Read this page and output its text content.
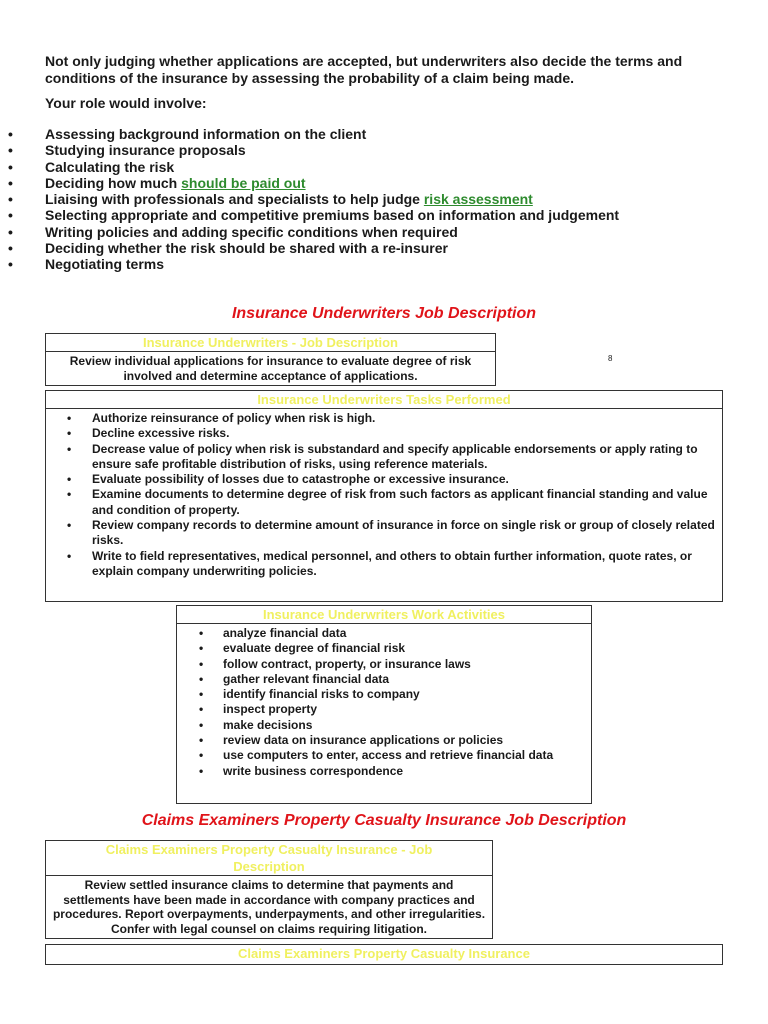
Not only judging whether applications are accepted, but underwriters also decide the terms and conditions of the insurance by assessing the probability of a claim being made.
Your role would involve:
• Assessing background information on the client
• Studying insurance proposals
• Calculating the risk
• Deciding how much should be paid out
• Liaising with professionals and specialists to help judge risk assessment
• Selecting appropriate and competitive premiums based on information and judgement
• Writing policies and adding specific conditions when required
• Deciding whether the risk should be shared with a re-insurer
• Negotiating terms
Insurance Underwriters Job Description
Insurance Underwriters - Job Description
Review individual applications for insurance to evaluate degree of risk involved and determine acceptance of applications.
8
Insurance Underwriters Tasks Performed
• Authorize reinsurance of policy when risk is high.
• Decline excessive risks.
• Decrease value of policy when risk is substandard and specify applicable endorsements or apply rating to ensure safe profitable distribution of risks, using reference materials.
• Evaluate possibility of losses due to catastrophe or excessive insurance.
• Examine documents to determine degree of risk from such factors as applicant financial standing and value and condition of property.
• Review company records to determine amount of insurance in force on single risk or group of closely related risks.
• Write to field representatives, medical personnel, and others to obtain further information, quote rates, or explain company underwriting policies.
Insurance Underwriters Work Activities
• analyze financial data
• evaluate degree of financial risk
• follow contract, property, or insurance laws
• gather relevant financial data
• identify financial risks to company
• inspect property
• make decisions
• review data on insurance applications or policies
• use computers to enter, access and retrieve financial data
• write business correspondence
Claims Examiners Property Casualty Insurance Job Description
Claims Examiners Property Casualty Insurance - Job Description
Review settled insurance claims to determine that payments and settlements have been made in accordance with company practices and procedures. Report overpayments, underpayments, and other irregularities. Confer with legal counsel on claims requiring litigation.
Claims Examiners Property Casualty Insurance
